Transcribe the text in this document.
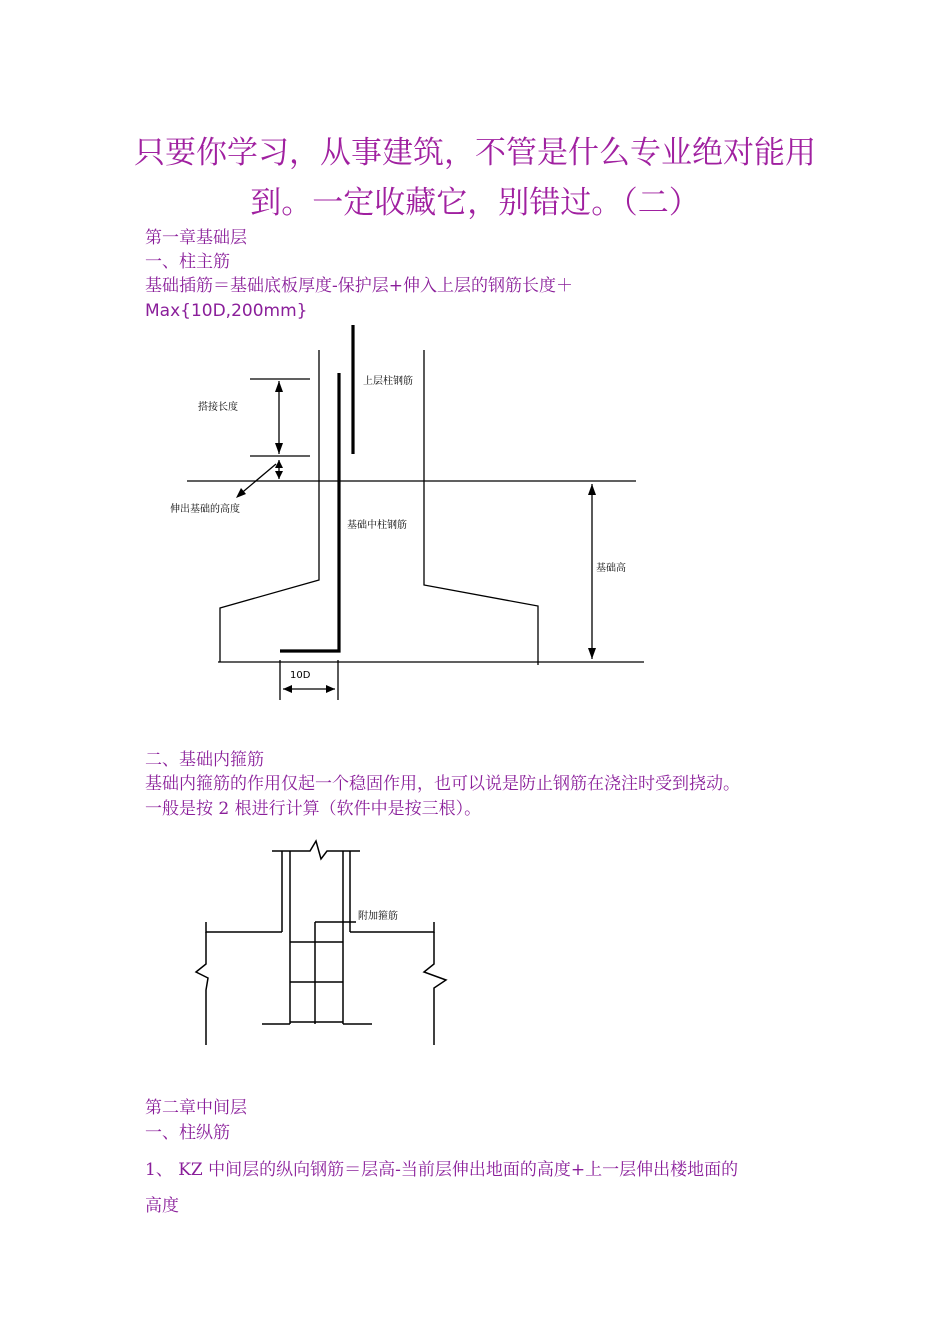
只要你学习，从事建筑，不管是什么专业绝对能用
到。一定收藏它，别错过。（二）
第一章基础层
一、柱主筋
基础插筋＝基础底板厚度-保护层+伸入上层的钢筋长度＋
Max{10D,200mm}
上层柱钢筋
搭接长度
伸出基础的高度
基础中柱钢筋
基础高
10D
二、基础内箍筋
基础内箍筋的作用仅起一个稳固作用，也可以说是防止钢筋在浇注时受到挠动。
一般是按 2 根进行计算（软件中是按三根）。
附加箍筋
第二章中间层
一、柱纵筋
1、 KZ 中间层的纵向钢筋＝层高-当前层伸出地面的高度+上一层伸出楼地面的
高度
